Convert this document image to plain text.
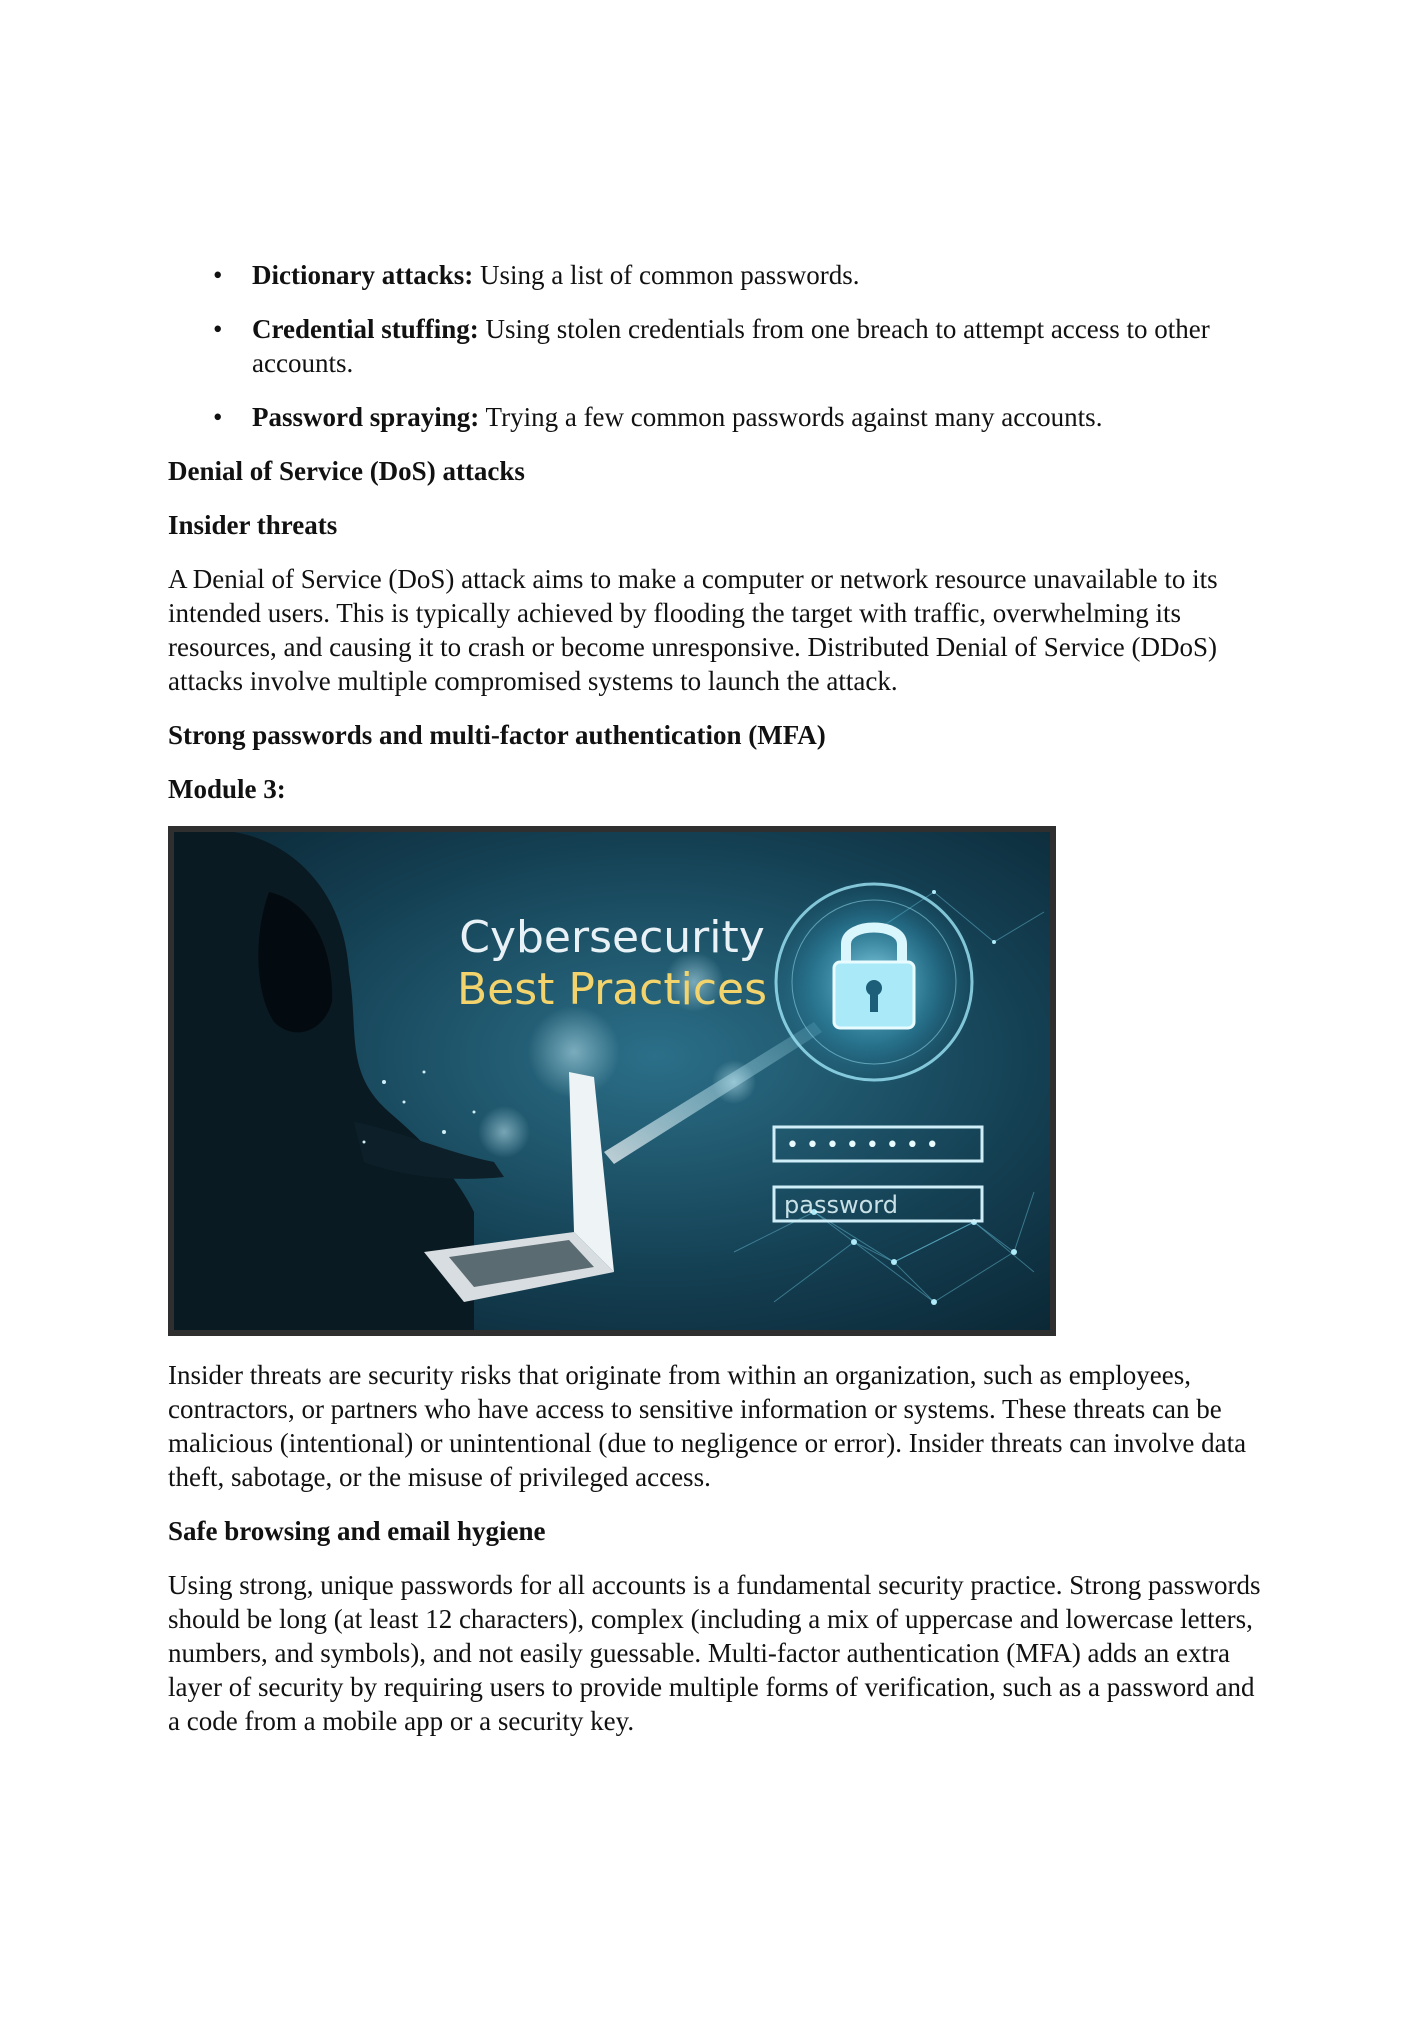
• Dictionary attacks: Using a list of common passwords.
• Credential stuffing: Using stolen credentials from one breach to attempt access to other accounts.
• Password spraying: Trying a few common passwords against many accounts.
Denial of Service (DoS) attacks
Insider threats

A Denial of Service (DoS) attack aims to make a computer or network resource unavailable to its intended users. This is typically achieved by flooding the target with traffic, overwhelming its resources, and causing it to crash or become unresponsive. Distributed Denial of Service (DDoS) attacks involve multiple compromised systems to launch the attack.

Strong passwords and multi-factor authentication (MFA)
Module 3:
Cybersecurity
Best Practices
• • • • • • • •
password

Insider threats are security risks that originate from within an organization, such as employees, contractors, or partners who have access to sensitive information or systems. These threats can be malicious (intentional) or unintentional (due to negligence or error). Insider threats can involve data theft, sabotage, or the misuse of privileged access.

Safe browsing and email hygiene

Using strong, unique passwords for all accounts is a fundamental security practice. Strong passwords should be long (at least 12 characters), complex (including a mix of uppercase and lowercase letters, numbers, and symbols), and not easily guessable. Multi-factor authentication (MFA) adds an extra layer of security by requiring users to provide multiple forms of verification, such as a password and a code from a mobile app or a security key.
